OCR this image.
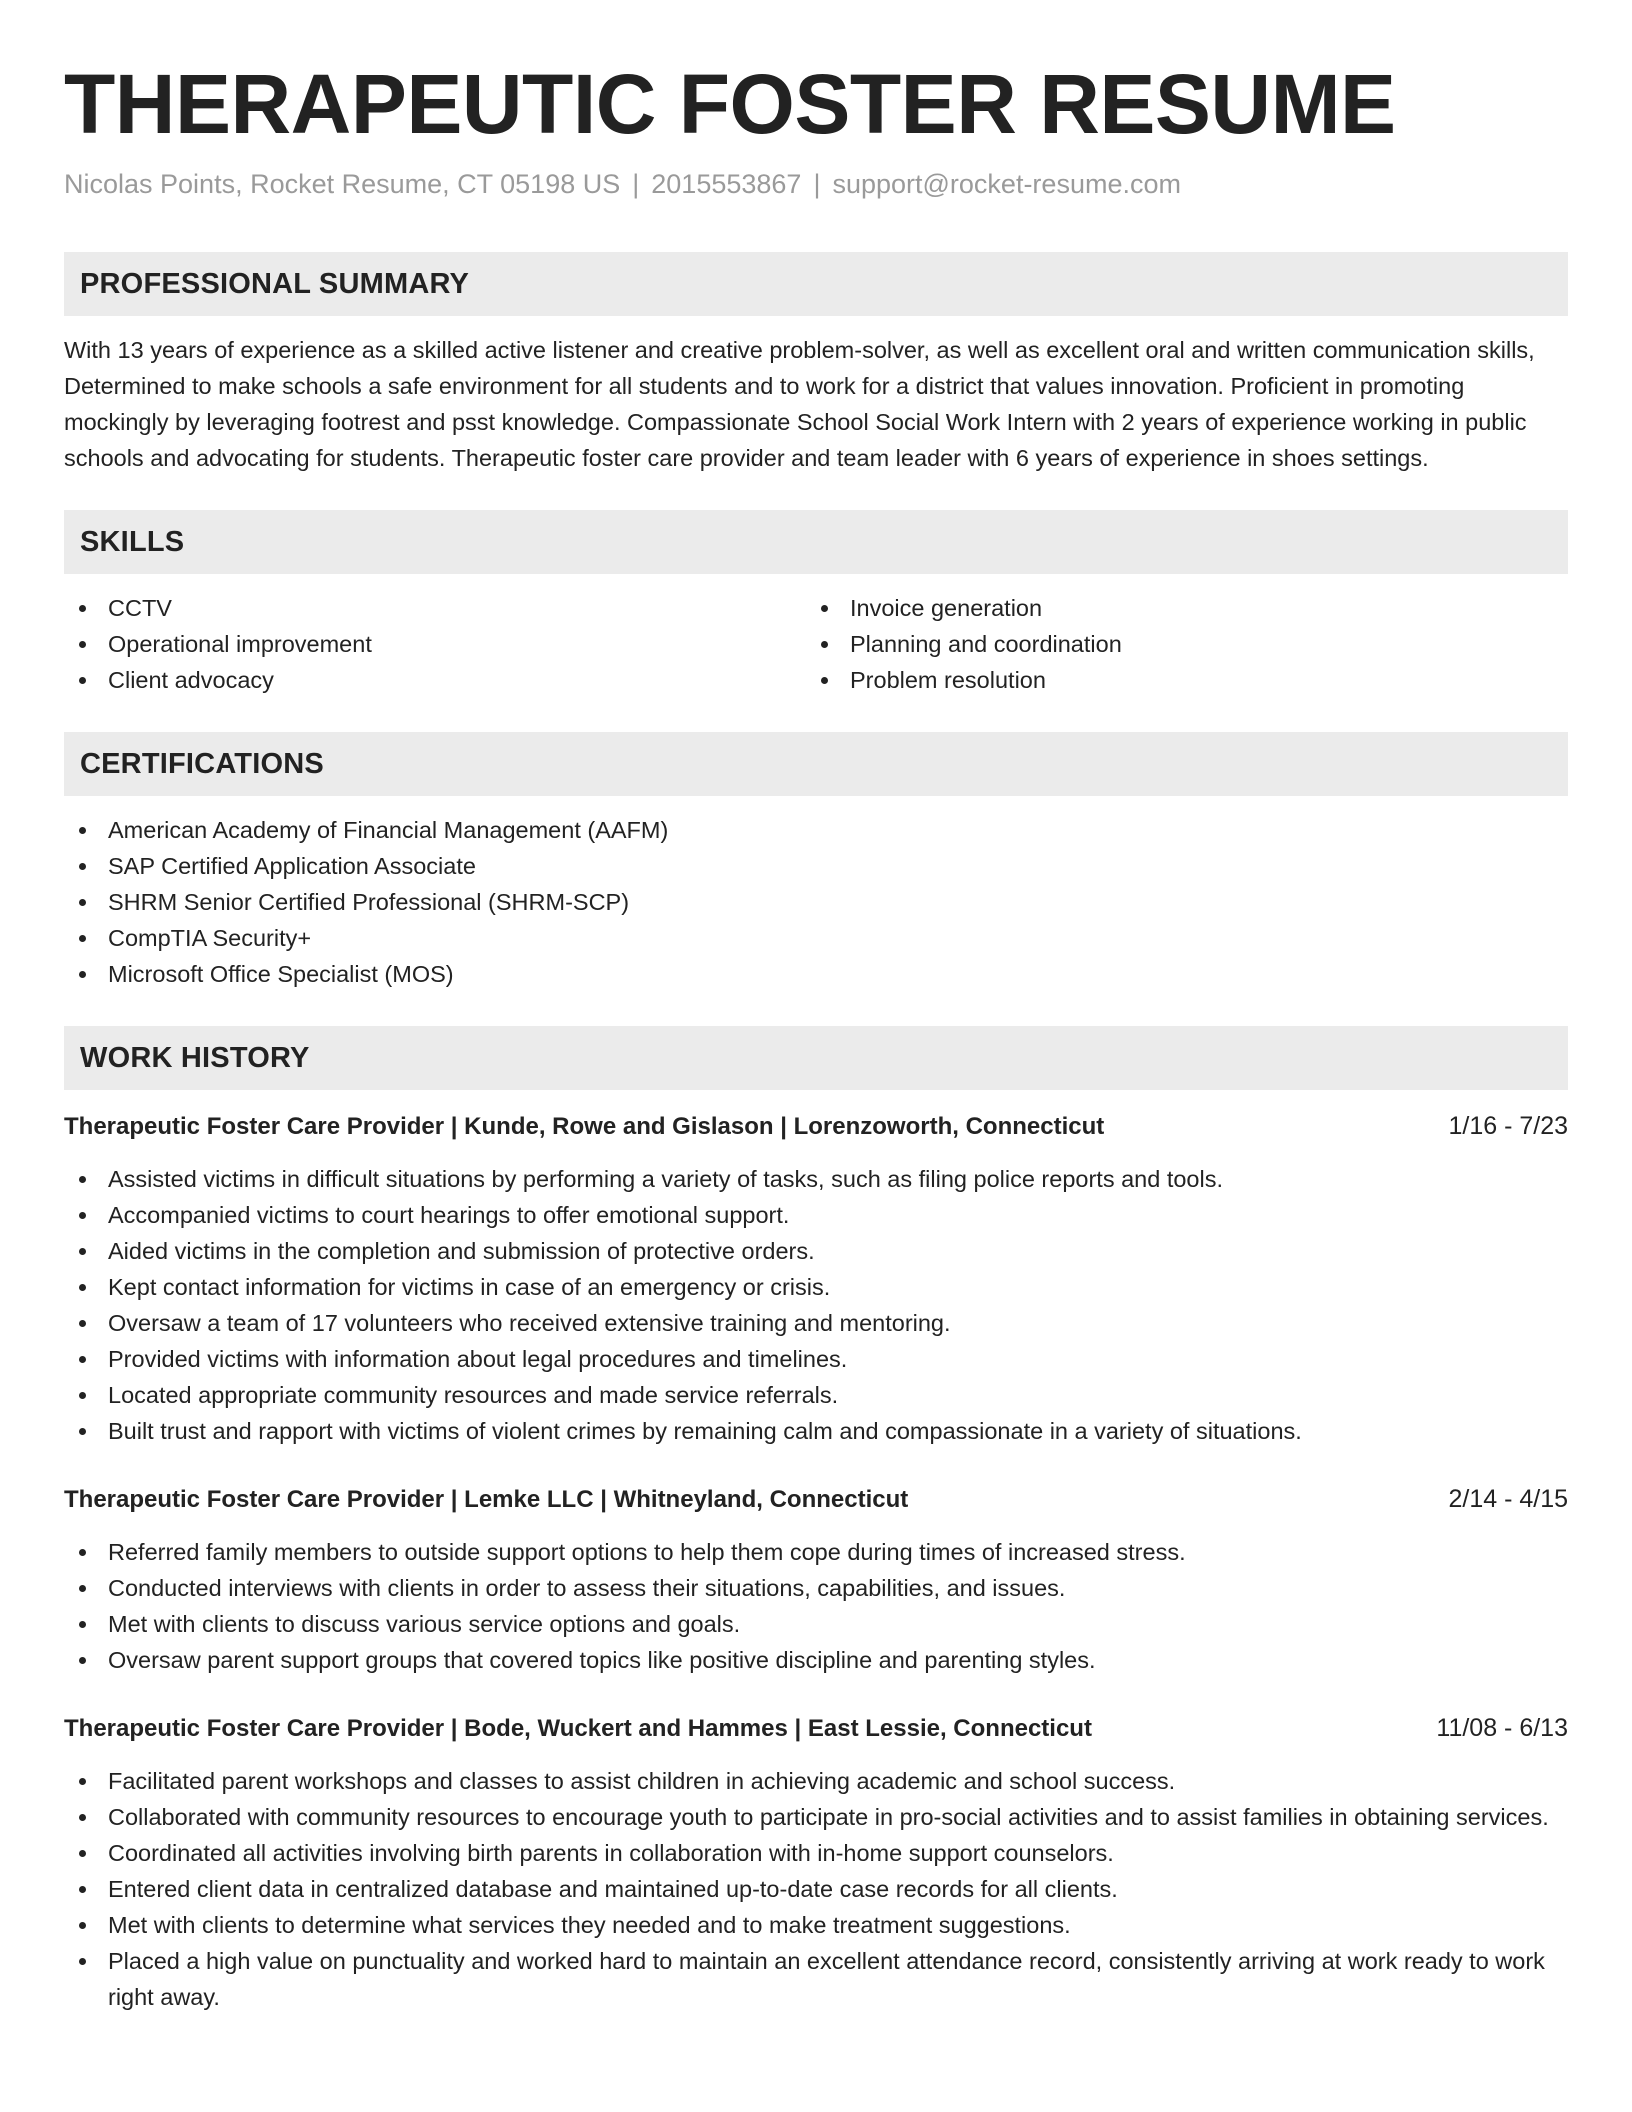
THERAPEUTIC FOSTER RESUME
Nicolas Points, Rocket Resume, CT 05198 US | 2015553867 | support@rocket-resume.com
PROFESSIONAL SUMMARY
With 13 years of experience as a skilled active listener and creative problem-solver, as well as excellent oral and written communication skills, Determined to make schools a safe environment for all students and to work for a district that values innovation. Proficient in promoting mockingly by leveraging footrest and psst knowledge. Compassionate School Social Work Intern with 2 years of experience working in public schools and advocating for students. Therapeutic foster care provider and team leader with 6 years of experience in shoes settings.
SKILLS
CCTV
Operational improvement
Client advocacy
Invoice generation
Planning and coordination
Problem resolution
CERTIFICATIONS
American Academy of Financial Management (AAFM)
SAP Certified Application Associate
SHRM Senior Certified Professional (SHRM-SCP)
CompTIA Security+
Microsoft Office Specialist (MOS)
WORK HISTORY
Therapeutic Foster Care Provider | Kunde, Rowe and Gislason | Lorenzoworth, Connecticut	1/16 - 7/23
Assisted victims in difficult situations by performing a variety of tasks, such as filing police reports and tools.
Accompanied victims to court hearings to offer emotional support.
Aided victims in the completion and submission of protective orders.
Kept contact information for victims in case of an emergency or crisis.
Oversaw a team of 17 volunteers who received extensive training and mentoring.
Provided victims with information about legal procedures and timelines.
Located appropriate community resources and made service referrals.
Built trust and rapport with victims of violent crimes by remaining calm and compassionate in a variety of situations.
Therapeutic Foster Care Provider | Lemke LLC | Whitneyland, Connecticut	2/14 - 4/15
Referred family members to outside support options to help them cope during times of increased stress.
Conducted interviews with clients in order to assess their situations, capabilities, and issues.
Met with clients to discuss various service options and goals.
Oversaw parent support groups that covered topics like positive discipline and parenting styles.
Therapeutic Foster Care Provider | Bode, Wuckert and Hammes | East Lessie, Connecticut	11/08 - 6/13
Facilitated parent workshops and classes to assist children in achieving academic and school success.
Collaborated with community resources to encourage youth to participate in pro-social activities and to assist families in obtaining services.
Coordinated all activities involving birth parents in collaboration with in-home support counselors.
Entered client data in centralized database and maintained up-to-date case records for all clients.
Met with clients to determine what services they needed and to make treatment suggestions.
Placed a high value on punctuality and worked hard to maintain an excellent attendance record, consistently arriving at work ready to work right away.
